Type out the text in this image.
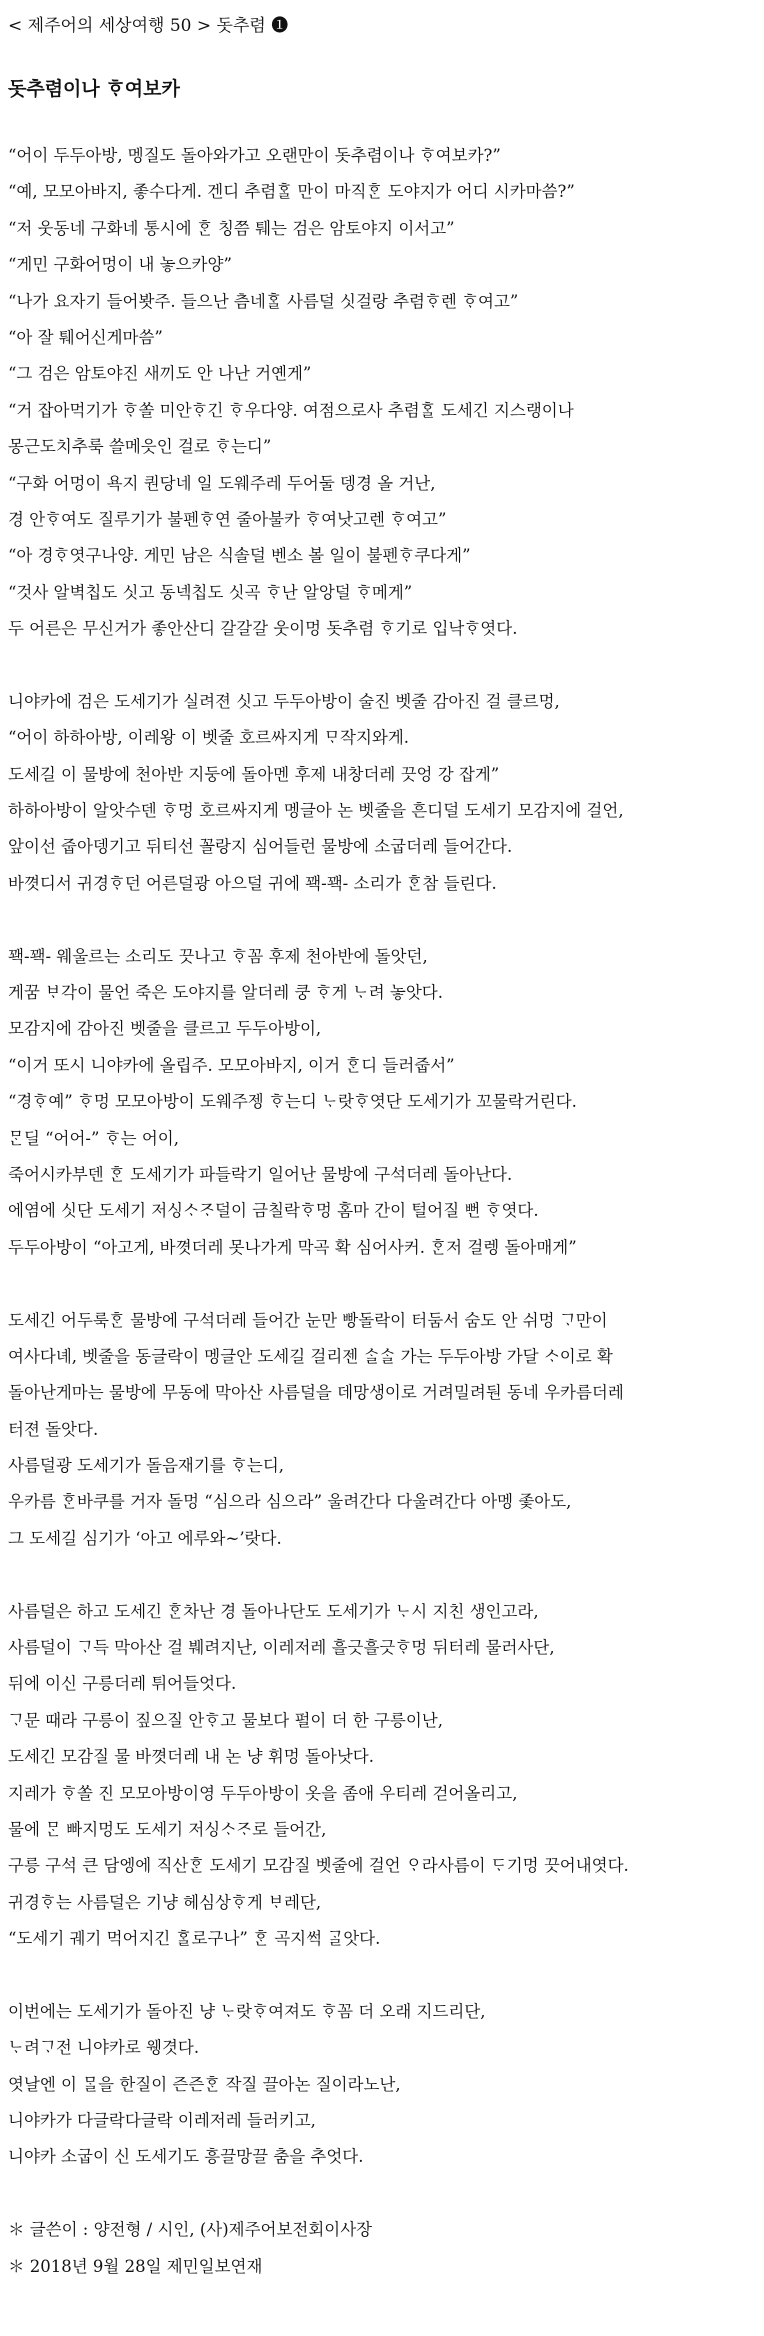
< 제주어의 세상여행 50 > 돗추렴 ❶
돗추렴이나 ᄒᆞ여보카
“어이 두두아방, 멩질도 돌아와가고 오랜만이 돗추렴이나 ᄒᆞ여보카?”
“예, 모모아바지, 좋수다게. 겐디 추렴ᄒᆞᆯ 만이 마직ᄒᆞᆫ 도야지가 어디 시카마씀?”
“저 웃동네 구화네 통시에 ᄒᆞᆫ 칭쯤 퉤는 검은 암토야지 이서고”
“게민 구화어멍이 내 놓으카양”
“나가 요자기 들어봣주. 들으난 츰네ᄒᆞᆯ 사름덜 싯걸랑 추렴ᄒᆞ렌 ᄒᆞ여고”
“아 잘 퉤어신게마씀”
“그 검은 암토야진 새끼도 안 나난 거옌게”
“거 잡아먹기가 ᄒᆞ쏠 미안ᄒᆞ긴 ᄒᆞ우다양. 여점으로사 추렴ᄒᆞᆯ 도세긴 지스랭이나
몽근도치추룩 쓸메읏인 걸로 ᄒᆞ는디”
“구화 어멍이 욕지 퀀당네 일 도웨주레 두어둘 뎅경 올 거난,
경 안ᄒᆞ여도 질루기가 불펜ᄒᆞ연 줄아불카 ᄒᆞ여낫고렌 ᄒᆞ여고”
“아 경ᄒᆞ엿구나양. 게민 남은 식솔덜 벤소 볼 일이 불펜ᄒᆞ쿠다게”
“것사 알벽칩도 싯고 동넥칩도 싯곡 ᄒᆞ난 알앙덜 ᄒᆞ메게”
두 어른은 무신거가 좋안산디 갈갈갈 웃이멍 돗추렴 ᄒᆞ기로 입낙ᄒᆞ엿다.
니야카에 검은 도세기가 실려젼 싯고 두두아방이 술진 벳줄 감아진 걸 클르멍,
“어이 하하아방, 이레왕 이 벳줄 호르싸지게 ᄆᆞ작지와게.
도세길 이 물방에 천아반 지둥에 돌아멘 후제 내창더레 끗엉 강 잡게”
하하아방이 알앗수덴 ᄒᆞ멍 호르싸지게 멩글아 논 벳줄을 흔디덜 도세기 모감지에 걸언,
앞이선 줍아뎅기고 뒤티선 꼴랑지 심어들런 물방에 소굽더레 들어간다.
바꼇디서 귀경ᄒᆞ던 어른덜광 아으덜 귀에 꽥-꽥- 소리가 ᄒᆞᆫ참 들린다.
꽥-꽥- 웨울르는 소리도 끗나고 ᄒᆞ꼼 후제 천아반에 돌앗던,
게꿈 ᄇᆞ각이 물언 죽은 도야지를 알더레 쿵 ᄒᆞ게 ᄂᆞ려 놓앗다.
모감지에 감아진 벳줄을 클르고 두두아방이,
“이거 또시 니야카에 올립주. 모모아바지, 이거 ᄒᆞᆫ디 들러줍서”
“경ᄒᆞ예” ᄒᆞ멍 모모아방이 도웨주젱 ᄒᆞ는디 ᄂᆞ랏ᄒᆞ엿단 도세기가 꼬물락거린다.
ᄆᆞᆫ딜 “어어-” ᄒᆞ는 어이,
죽어시카부덴 ᄒᆞᆫ 도세기가 파들락기 일어난 물방에 구석더레 돌아난다.
에염에 싯단 도세기 저싱ᄉᆞᄌᆞ덜이 금칠락ᄒᆞ멍 홈마 간이 털어질 뻔 ᄒᆞ엿다.
두두아방이 “아고게, 바꼇더레 못나가게 막곡 확 심어사커. ᄒᆞᆫ저 걸렝 돌아매게”
도세긴 어두룩ᄒᆞᆫ 물방에 구석더레 들어간 눈만 빵돌락이 터둠서 숨도 안 쉬멍 ᄀᆞ만이
여사다녜, 벳줄을 동글락이 멩글안 도세길 걸리젠 ᄉᆞᆯᄉᆞᆯ 가는 두두아방 가달 ᄉᆞ이로 확
돌아난게마는 물방에 무동에 막아산 사름덜을 데망생이로 거려밀려둰 동네 우카름더레
터젼 돌앗다.
사름덜광 도세기가 돌음재기를 ᄒᆞ는디,
우카름 ᄒᆞᆫ바쿠를 거자 돌멍 “심으라 심으라” 울려간다 다울려간다 아멩 좇아도,
그 도세길 심기가 ‘아고 에루와~’랏다.
사름덜은 하고 도세긴 ᄒᆞᆫ차난 경 돌아나단도 도세기가 ᄂᆞ시 지친 생인고라,
사름덜이 ᄀᆞ득 막아산 걸 붸려지난, 이레저레 흘긋흘긋ᄒᆞ멍 뒤터레 물러사단,
뒤에 이신 구릉더레 튀어들엇다.
ᄀᆞ문 때라 구릉이 짚으질 안ᄒᆞ고 물보다 펄이 더 한 구릉이난,
도세긴 모감질 물 바꼇더레 내 논 냥 휘멍 돌아낫다.
지레가 ᄒᆞ쏠 진 모모아방이영 두두아방이 옷을 좀애 우티레 걷어올리고,
물에 ᄆᆞᆫ 빠지멍도 도세기 저싱ᄉᆞᄌᆞ로 들어간,
구릉 구석 큰 담엥에 직산ᄒᆞᆫ 도세기 모감질 벳줄에 걸언 ᄋᆞ라사름이 ᄃᆞ기멍 끗어내엿다.
귀경ᄒᆞ는 사름덜은 기냥 헤심상ᄒᆞ게 ᄇᆞ레단,
“도세기 궤기 먹어지긴 ᄒᆞᆯ로구나” ᄒᆞᆫ 곡지썩 ᄀᆞᆯ앗다.
이번에는 도세기가 돌아진 냥 ᄂᆞ랏ᄒᆞ여져도 ᄒᆞ꼼 더 오래 지드리단,
ᄂᆞ려ᄀᆞ전 니야카로 웽겻다.
엿날엔 이 ᄆᆞᆯ을 한질이 즌즌ᄒᆞᆫ 작질 끌아논 질이라노난,
니야카가 다글락다글락 이레저레 들러키고,
니야카 소굽이 신 도세기도 흥끌망끌 춤을 추엇다.
＊ 글쓴이 : 양전형 / 시인, (사)제주어보전회이사장
＊ 2018년 9월 28일 제민일보연재
